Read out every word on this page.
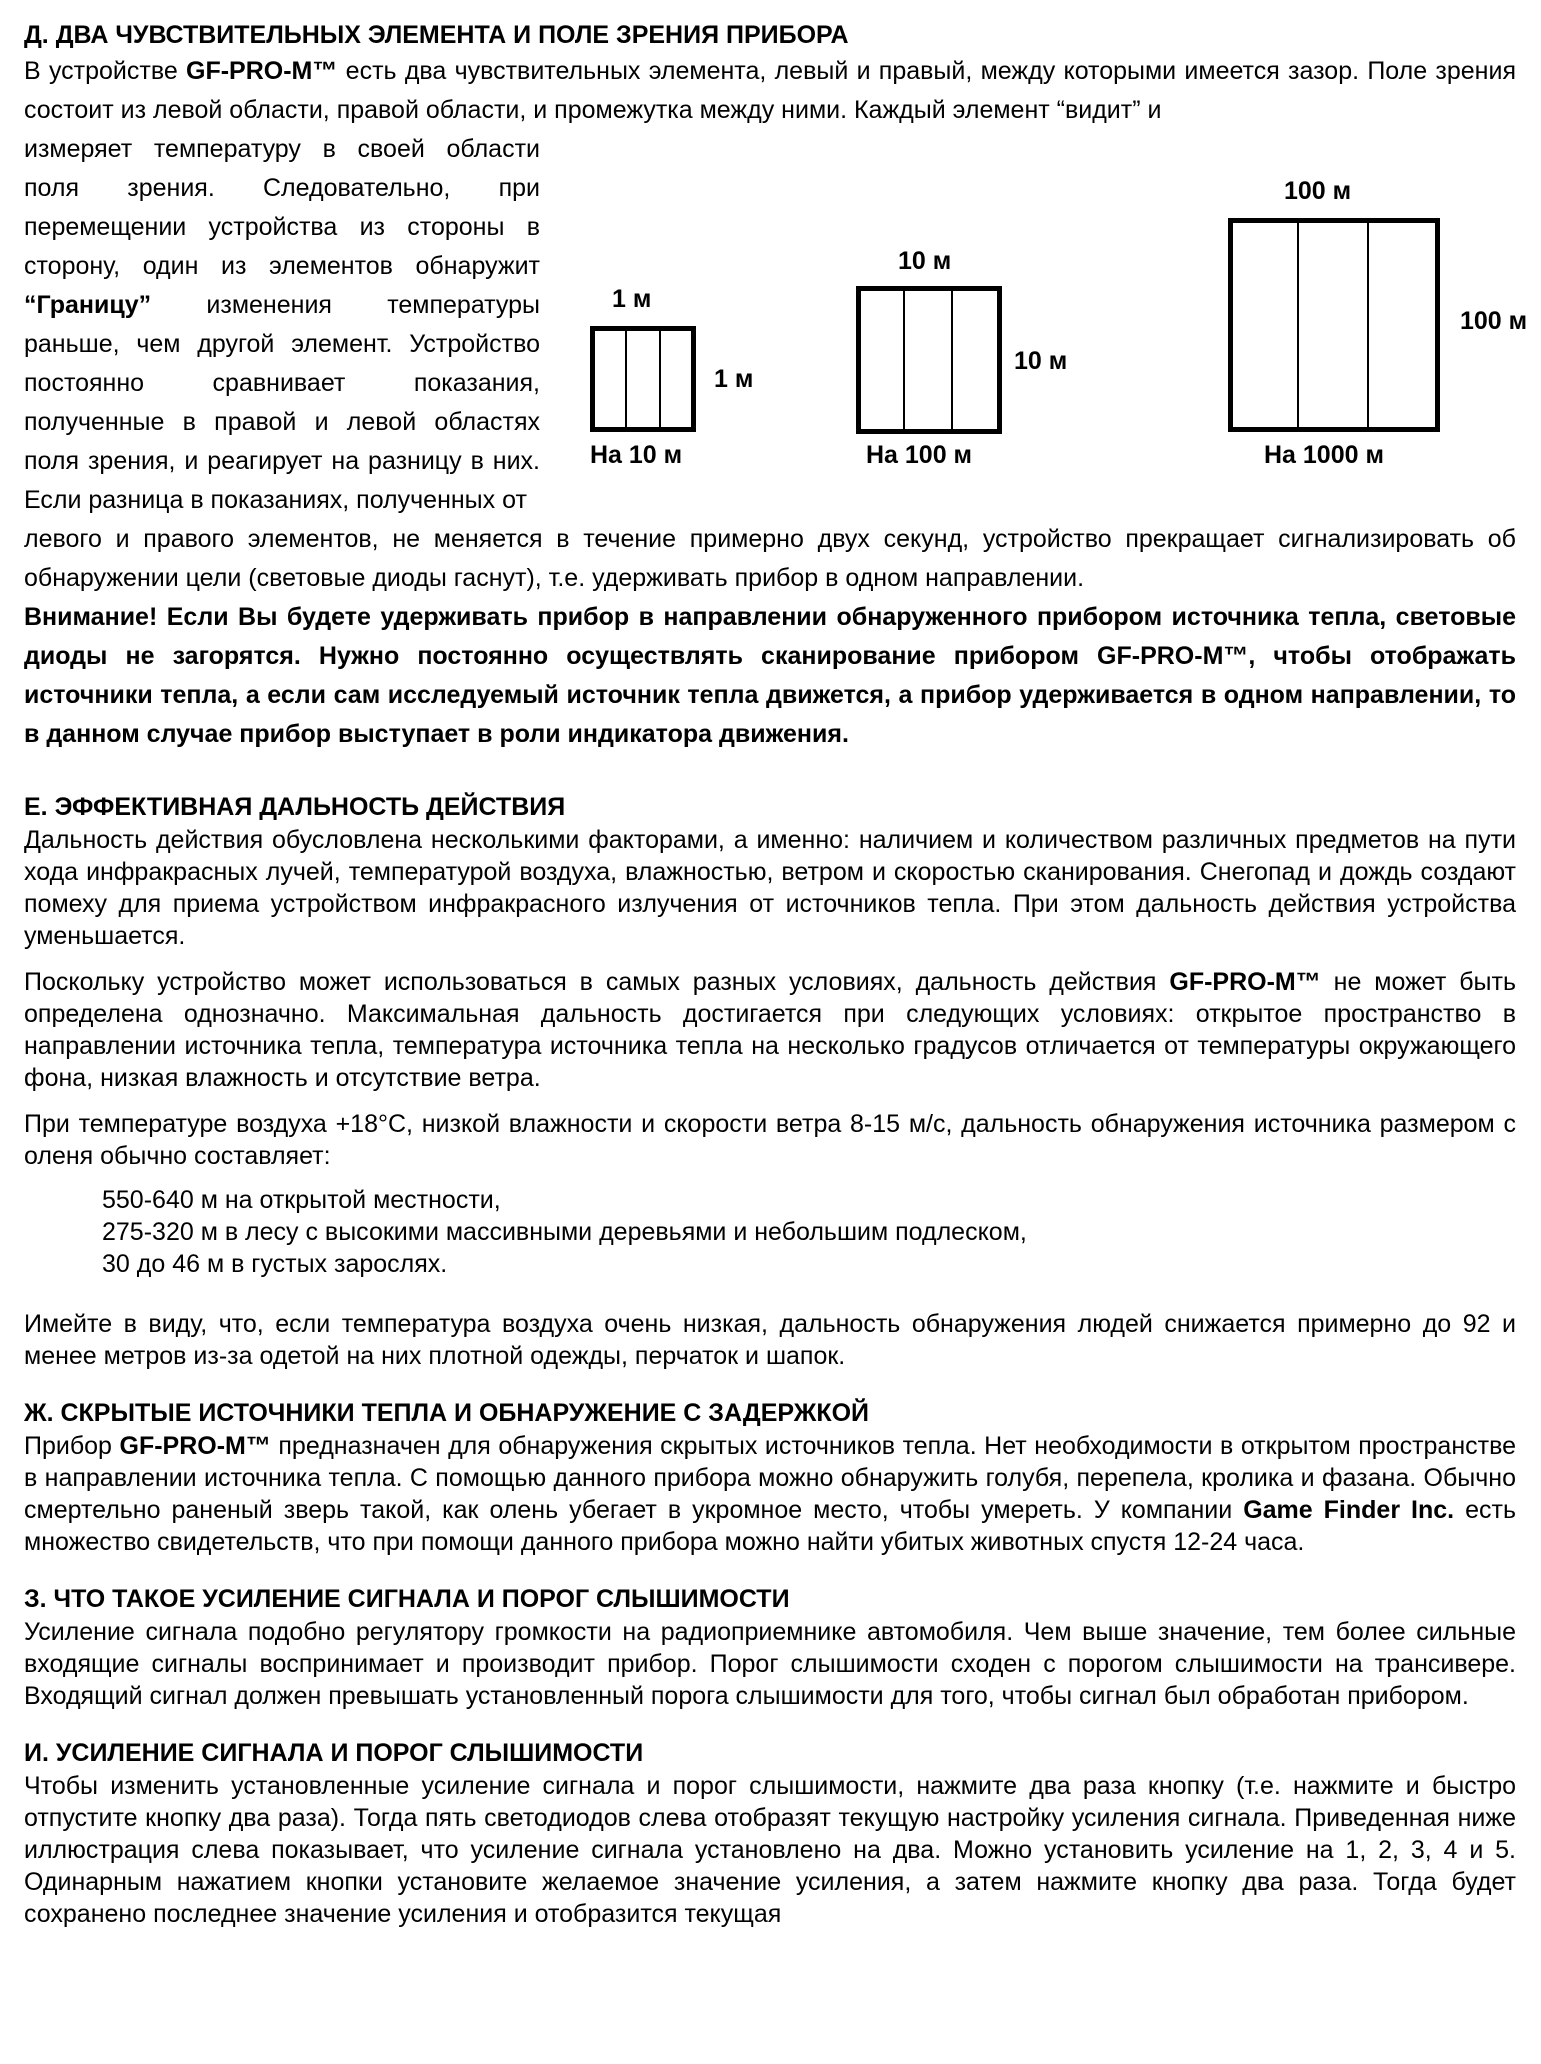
Д. ДВА ЧУВСТВИТЕЛЬНЫХ ЭЛЕМЕНТА И ПОЛЕ ЗРЕНИЯ ПРИБОРА

В устройстве GF-PRO-M™ есть два чувствительных элемента, левый и правый, между которыми имеется зазор. Поле зрения состоит из левой области, правой области, и промежутка между ними. Каждый элемент “видит” и

измеряет температуру в своей области поля зрения. Следовательно, при перемещении устройства из стороны в сторону, один из элементов обнаружит “Границу” изменения температуры раньше, чем другой элемент. Устройство постоянно сравнивает показания, полученные в правой и левой областях поля зрения, и реагирует на разницу в них. Если разница в показаниях, полученных от

левого и правого элементов, не меняется в течение примерно двух секунд, устройство прекращает сигнализировать об обнаружении цели (световые диоды гаснут), т.е. удерживать прибор в одном направлении.

Внимание! Если Вы будете удерживать прибор в направлении обнаруженного прибором источника тепла, световые диоды не загорятся. Нужно постоянно осуществлять сканирование прибором GF-PRO-M™, чтобы отображать источники тепла, а если сам исследуемый источник тепла движется, а прибор удерживается в одном направлении, то в данном случае прибор выступает в роли индикатора движения.

1 м
1 м
На 10 м
10 м
10 м
На 100 м
100 м
100 м
На 1000 м

Е. ЭФФЕКТИВНАЯ ДАЛЬНОСТЬ ДЕЙСТВИЯ

Дальность действия обусловлена несколькими факторами, а именно: наличием и количеством различных предметов на пути хода инфракрасных лучей, температурой воздуха, влажностью, ветром и скоростью сканирования. Снегопад и дождь создают помеху для приема устройством инфракрасного излучения от источников тепла. При этом дальность действия устройства уменьшается.

Поскольку устройство может использоваться в самых разных условиях, дальность действия GF-PRO-M™ не может быть определена однозначно. Максимальная дальность достигается при следующих условиях: открытое пространство в направлении источника тепла, температура источника тепла на несколько градусов отличается от температуры окружающего фона, низкая влажность и отсутствие ветра.

При температуре воздуха +18°С, низкой влажности и скорости ветра 8-15 м/с, дальность обнаружения источника размером с оленя обычно составляет:

550-640 м на открытой местности,
275-320 м в лесу с высокими массивными деревьями и небольшим подлеском,
30 до 46 м в густых зарослях.

Имейте в виду, что, если температура воздуха очень низкая, дальность обнаружения людей снижается примерно до 92 и менее метров из-за одетой на них плотной одежды, перчаток и шапок.

Ж. СКРЫТЫЕ ИСТОЧНИКИ ТЕПЛА И ОБНАРУЖЕНИЕ С ЗАДЕРЖКОЙ

Прибор GF-PRO-M™ предназначен для обнаружения скрытых источников тепла. Нет необходимости в открытом пространстве в направлении источника тепла. С помощью данного прибора можно обнаружить голубя, перепела, кролика и фазана. Обычно смертельно раненый зверь такой, как олень убегает в укромное место, чтобы умереть. У компании Game Finder Inc. есть множество свидетельств, что при помощи данного прибора можно найти убитых животных спустя 12-24 часа.

З. ЧТО ТАКОЕ УСИЛЕНИЕ СИГНАЛА И ПОРОГ СЛЫШИМОСТИ

Усиление сигнала подобно регулятору громкости на радиоприемнике автомобиля. Чем выше значение, тем более сильные входящие сигналы воспринимает и производит прибор. Порог слышимости сходен с порогом слышимости на трансивере. Входящий сигнал должен превышать установленный порога слышимости для того, чтобы сигнал был обработан прибором.

И. УСИЛЕНИЕ СИГНАЛА И ПОРОГ СЛЫШИМОСТИ

Чтобы изменить установленные усиление сигнала и порог слышимости, нажмите два раза кнопку (т.е. нажмите и быстро отпустите кнопку два раза). Тогда пять светодиодов слева отобразят текущую настройку усиления сигнала. Приведенная ниже иллюстрация слева показывает, что усиление сигнала установлено на два. Можно установить усиление на 1, 2, 3, 4 и 5. Одинарным нажатием кнопки установите желаемое значение усиления, а затем нажмите кнопку два раза. Тогда будет сохранено последнее значение усиления и отобразится текущая
